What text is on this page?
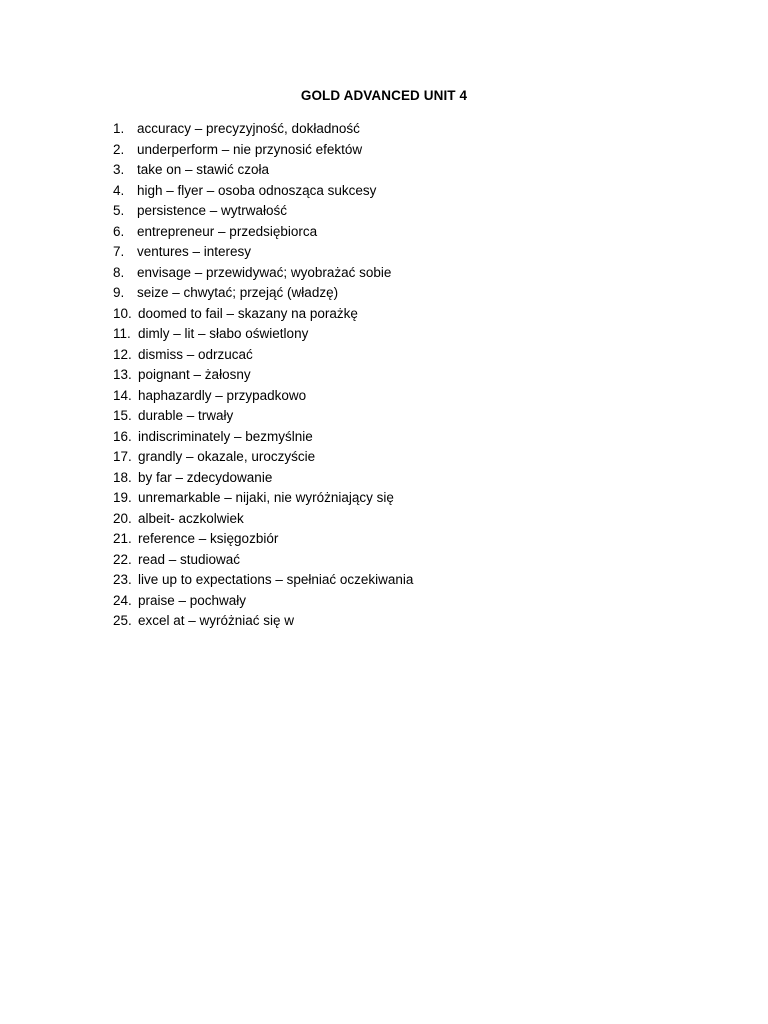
GOLD ADVANCED UNIT 4
1. accuracy – precyzyjność, dokładność
2. underperform – nie przynosić efektów
3. take on – stawić czoła
4. high – flyer – osoba odnosząca sukcesy
5. persistence – wytrwałość
6. entrepreneur – przedsiębiorca
7. ventures – interesy
8. envisage – przewidywać; wyobrażać sobie
9. seize – chwytać; przejąć (władzę)
10. doomed to fail – skazany na porażkę
11. dimly – lit – słabo oświetlony
12. dismiss – odrzucać
13. poignant – żałosny
14. haphazardly – przypadkowo
15. durable – trwały
16. indiscriminately – bezmyślnie
17. grandly – okazale, uroczyście
18. by far – zdecydowanie
19. unremarkable – nijaki, nie wyróżniający się
20. albeit- aczkolwiek
21. reference – księgozbiór
22. read – studiować
23. live up to expectations – spełniać oczekiwania
24. praise – pochwały
25. excel at – wyróżniać się w
